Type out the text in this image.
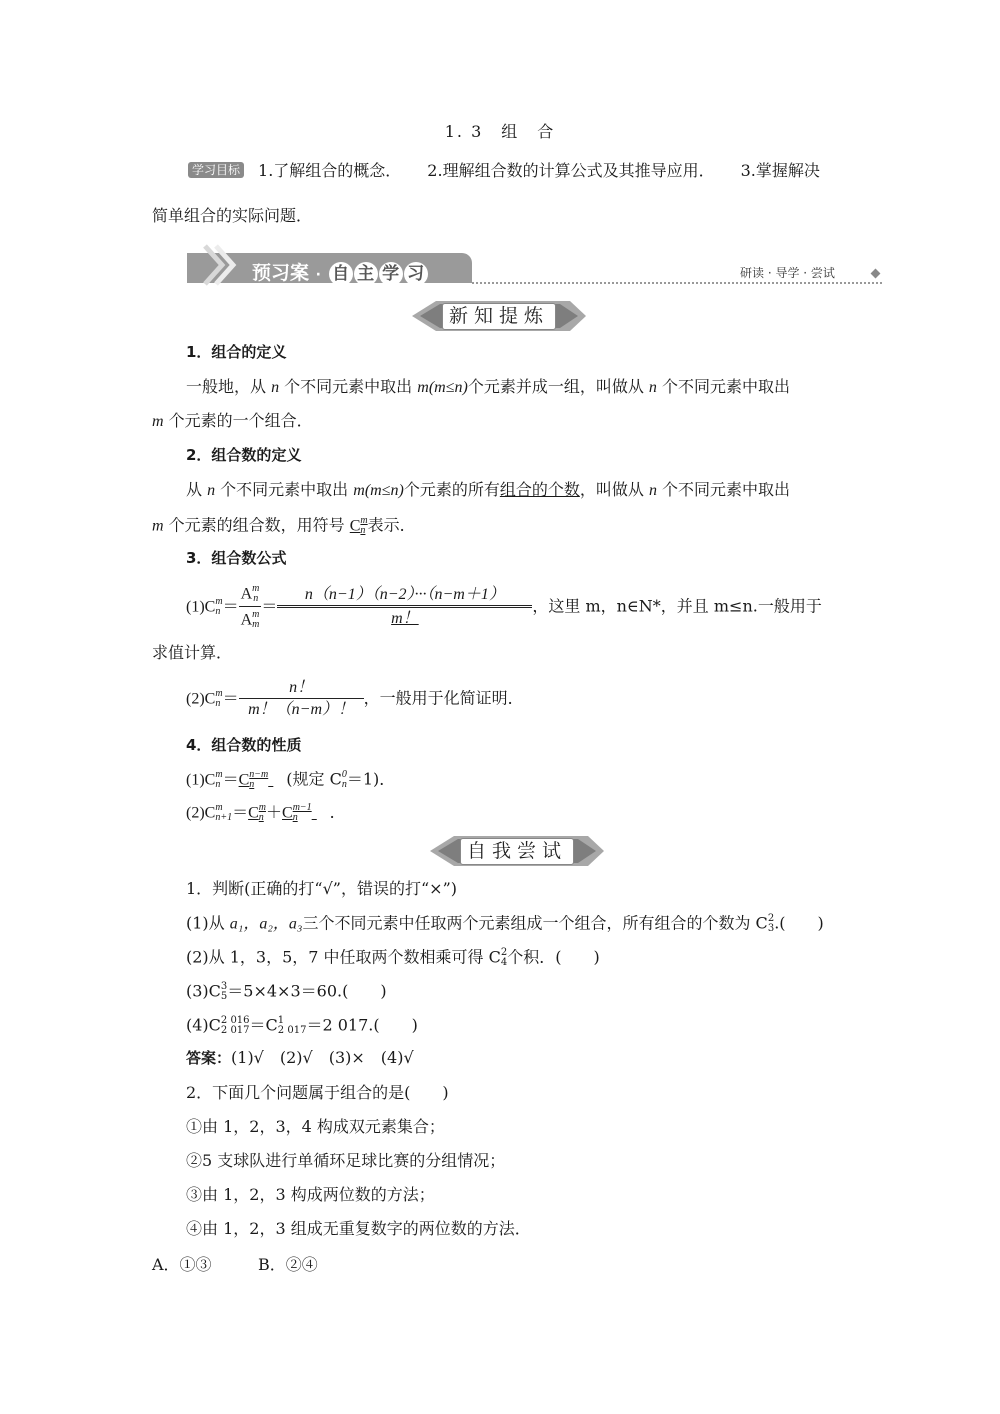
1. 3　组　合
学习目标 1.了解组合的概念． 2.理解组合数的计算公式及其推导应用． 3.掌握解决
简单组合的实际问题．
预习案 · 自 主 学 习	研读 · 导学 · 尝试
新知提炼
1．组合的定义
一般地，从 n 个不同元素中取出 m(m≤n)个元素并成一组，叫做从 n 个不同元素中取出
m 个元素的一个组合．
2．组合数的定义
从 n 个不同元素中取出 m(m≤n)个元素的所有组合的个数，叫做从 n 个不同元素中取出
m 个元素的组合数，用符号 C m
n 表示．
3．组合数公式
(1)C m
n ＝ A m
n
A m
$m = \frac{n(n-1)(n-2)\cdot\cdot\cdot(n-m+1)}{m!}$ ，这里 m，n∈N*，并且 m≤n.一般用于
求值计算．
(2)C m
$n = \frac{n!}{m!(n-m)!}$ ，一般用于化简证明．
4．组合数的性质
(1)C m
n ＝C n−m
n	(规定 C 0
n ＝1)．
(2)C m
n+1 ＝C m
n ＋C m−1
n	．
自我尝试
1．判断(正确的打“√”，错误的打“×”)
(1)从 a₁，a₂，a₃三个不同元素中任取两个元素组成一个组合，所有组合的个数为 C 2
3 .(　　)
(2)从 1，3，5，7 中任取两个数相乘可得 C 2
4 个积．(　　)
(3)C 3
5 ＝5×4×3＝60.(　　)
(4)C 2 016
2 017 ＝C 1
2 017 ＝2 017.(　　)
答案：(1)√　(2)√　(3)×　(4)√
2．下面几个问题属于组合的是(　　)
①由 1，2，3，4 构成双元素集合；
②5 支球队进行单循环足球比赛的分组情况；
③由 1，2，3 构成两位数的方法；
④由 1，2，3 组成无重复数字的两位数的方法．
A．①③	B．②④
